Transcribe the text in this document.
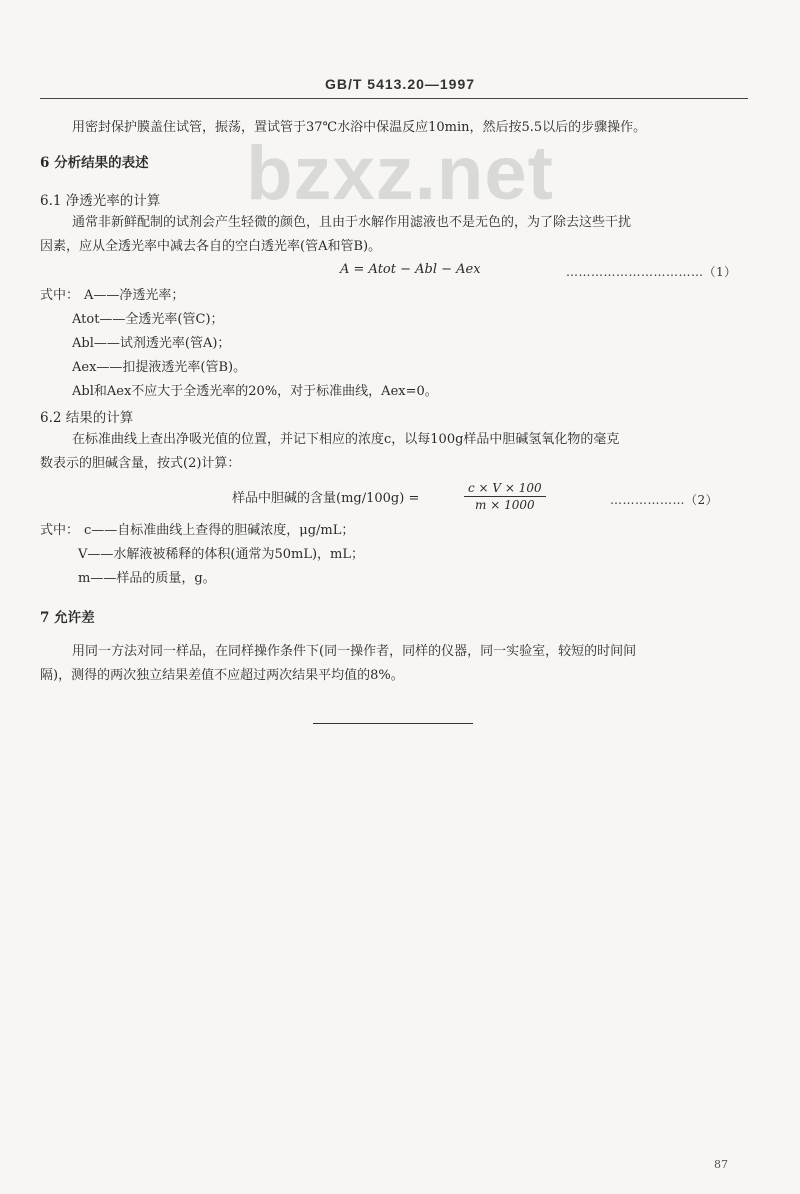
GB/T 5413.20—1997
bzxz.net
用密封保护膜盖住试管，振荡，置试管于37℃水浴中保温反应10min，然后按5.5以后的步骤操作。
6 分析结果的表述
6.1 净透光率的计算
通常非新鲜配制的试剂会产生轻微的颜色，且由于水解作用滤液也不是无色的，为了除去这些干扰
因素，应从全透光率中减去各自的空白透光率(管A和管B)。
A = Atot − Abl − Aex	……………………………（1）
式中： A——净透光率；
Atot——全透光率(管C)；
Abl——试剂透光率(管A)；
Aex——扣提液透光率(管B)。
Abl和Aex不应大于全透光率的20%，对于标准曲线，Aex=0。
6.2 结果的计算
在标准曲线上查出净吸光值的位置，并记下相应的浓度c，以每100g样品中胆碱氢氧化物的毫克
数表示的胆碱含量，按式(2)计算：
样品中胆碱的含量(mg/100g) =
c × V × 100
m × 1000	………………（2）
式中： c——自标准曲线上查得的胆碱浓度，μg/mL；
V——水解液被稀释的体积(通常为50mL)，mL；
m——样品的质量，g。
7 允许差
用同一方法对同一样品，在同样操作条件下(同一操作者，同样的仪器，同一实验室，较短的时间间
隔)，测得的两次独立结果差值不应超过两次结果平均值的8%。
87
